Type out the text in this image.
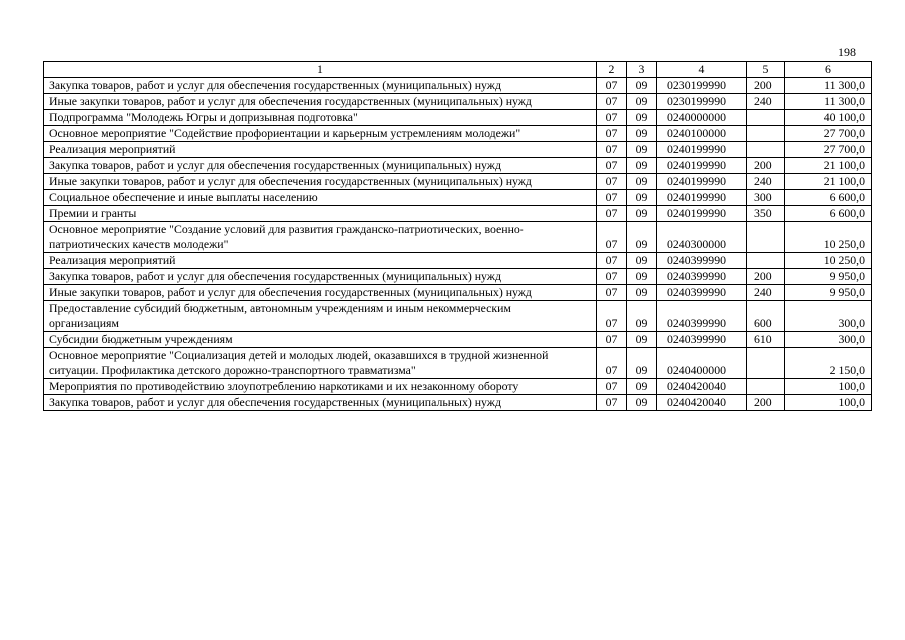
198
1	2	3	4	5	6
Закупка товаров, работ и услуг для обеспечения государственных (муниципальных) нужд	07	09	0230199990	200	11 300,0
Иные закупки товаров, работ и услуг для обеспечения государственных (муниципальных) нужд	07	09	0230199990	240	11 300,0
Подпрограмма "Молодежь Югры и допризывная подготовка"	07	09	0240000000		40 100,0
Основное мероприятие "Содействие профориентации и карьерным устремлениям молодежи"	07	09	0240100000		27 700,0
Реализация мероприятий	07	09	0240199990		27 700,0
Закупка товаров, работ и услуг для обеспечения государственных (муниципальных) нужд	07	09	0240199990	200	21 100,0
Иные закупки товаров, работ и услуг для обеспечения государственных (муниципальных) нужд	07	09	0240199990	240	21 100,0
Социальное обеспечение и иные выплаты населению	07	09	0240199990	300	6 600,0
Премии и гранты	07	09	0240199990	350	6 600,0
Основное мероприятие "Создание условий для развития гражданско-патриотических, военно-патриотических качеств молодежи"	07	09	0240300000		10 250,0
Реализация мероприятий	07	09	0240399990		10 250,0
Закупка товаров, работ и услуг для обеспечения государственных (муниципальных) нужд	07	09	0240399990	200	9 950,0
Иные закупки товаров, работ и услуг для обеспечения государственных (муниципальных) нужд	07	09	0240399990	240	9 950,0
Предоставление субсидий бюджетным, автономным учреждениям и иным некоммерческим организациям	07	09	0240399990	600	300,0
Субсидии бюджетным учреждениям	07	09	0240399990	610	300,0
Основное мероприятие "Социализация детей и молодых людей, оказавшихся в трудной жизненной ситуации. Профилактика детского дорожно-транспортного травматизма"	07	09	0240400000		2 150,0
Мероприятия по противодействию злоупотреблению наркотиками и их незаконному обороту	07	09	0240420040		100,0
Закупка товаров, работ и услуг для обеспечения государственных (муниципальных) нужд	07	09	0240420040	200	100,0
